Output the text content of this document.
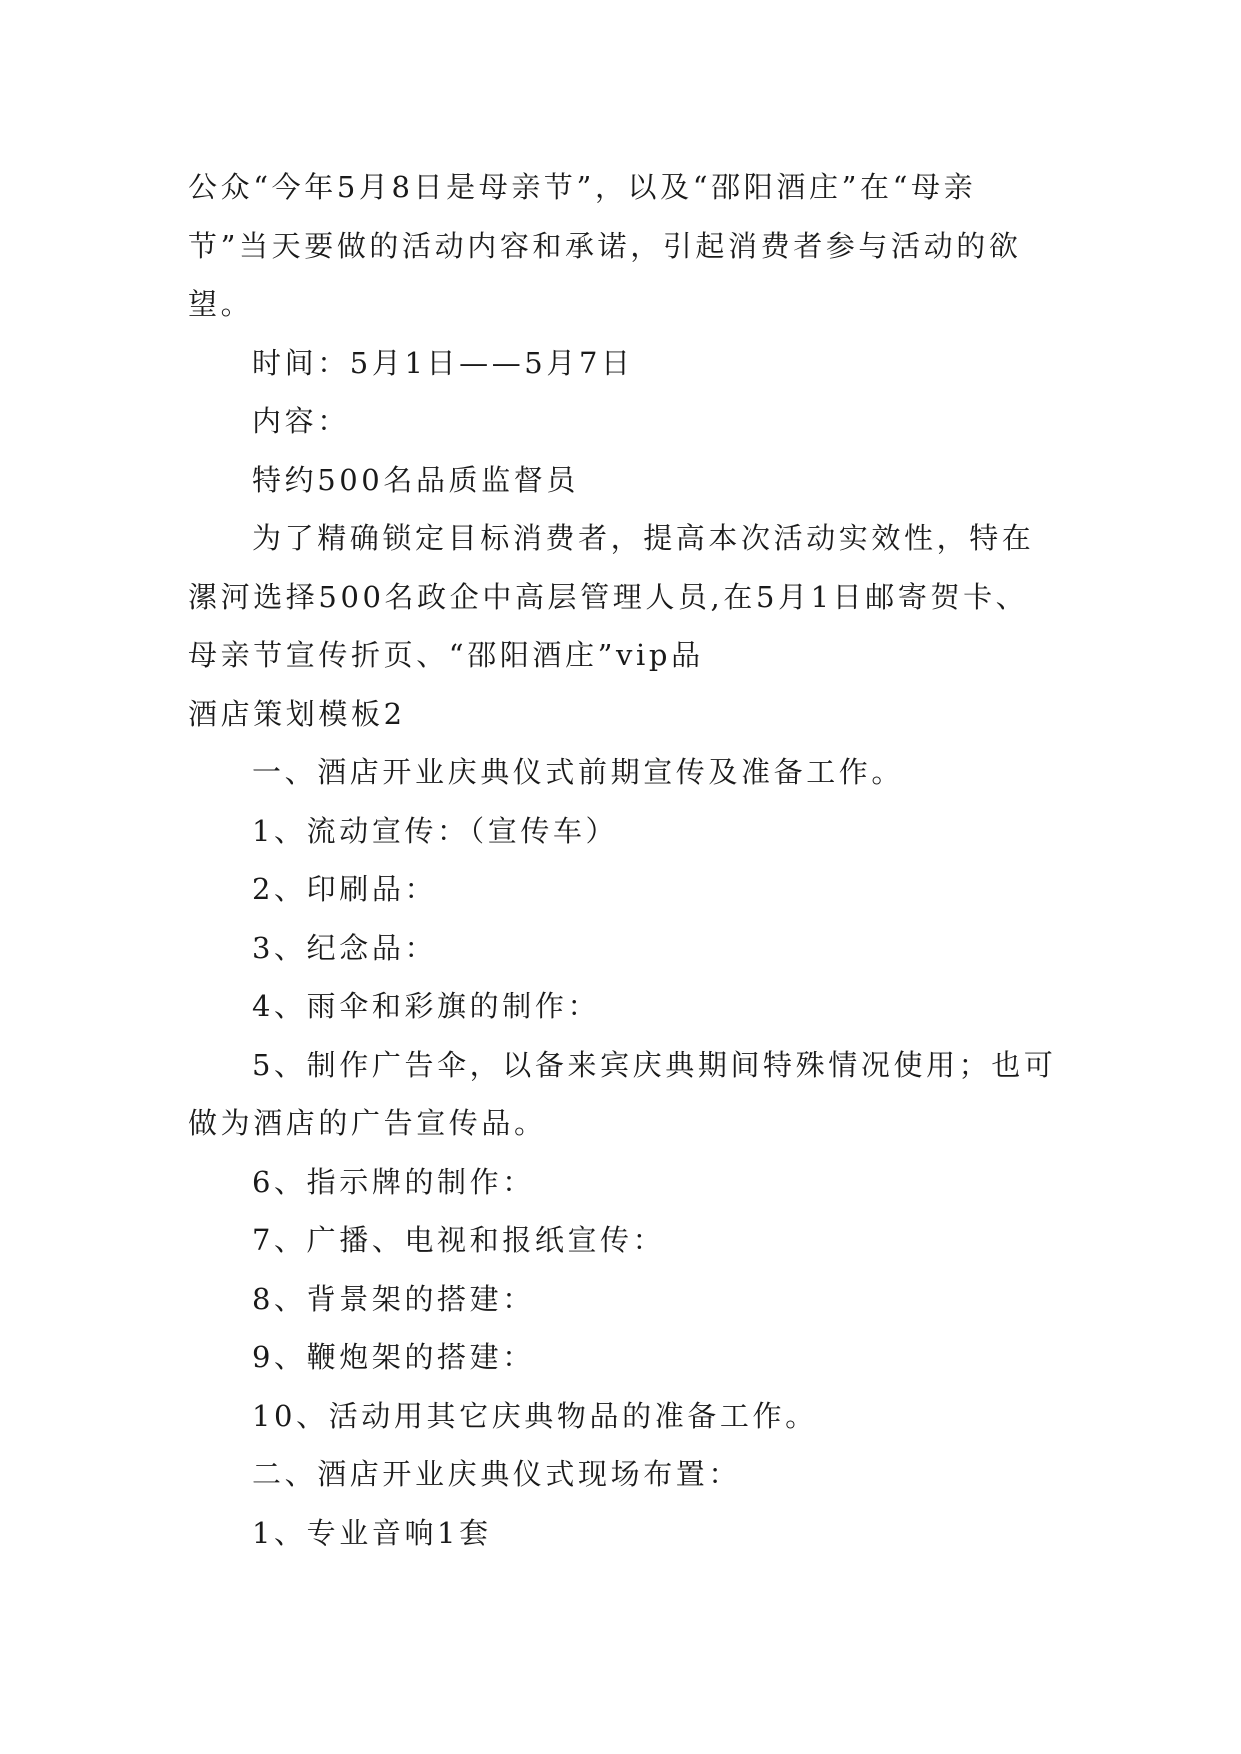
公众“今年5月8日是母亲节”，以及“邵阳酒庄”在“母亲节”当天要做的活动内容和承诺，引起消费者参与活动的欲望。

时间：5月1日——5月7日

内容：

特约500名品质监督员

为了精确锁定目标消费者，提高本次活动实效性，特在漯河选择500名政企中高层管理人员,在5月1日邮寄贺卡、母亲节宣传折页、“邵阳酒庄”vip品

酒店策划模板2

一、酒店开业庆典仪式前期宣传及准备工作。

1、流动宣传：（宣传车）

2、印刷品：

3、纪念品：

4、雨伞和彩旗的制作：

5、制作广告伞，以备来宾庆典期间特殊情况使用；也可做为酒店的广告宣传品。

6、指示牌的制作：

7、广播、电视和报纸宣传：

8、背景架的搭建：

9、鞭炮架的搭建：

10、活动用其它庆典物品的准备工作。

二、酒店开业庆典仪式现场布置：

1、专业音响1套
